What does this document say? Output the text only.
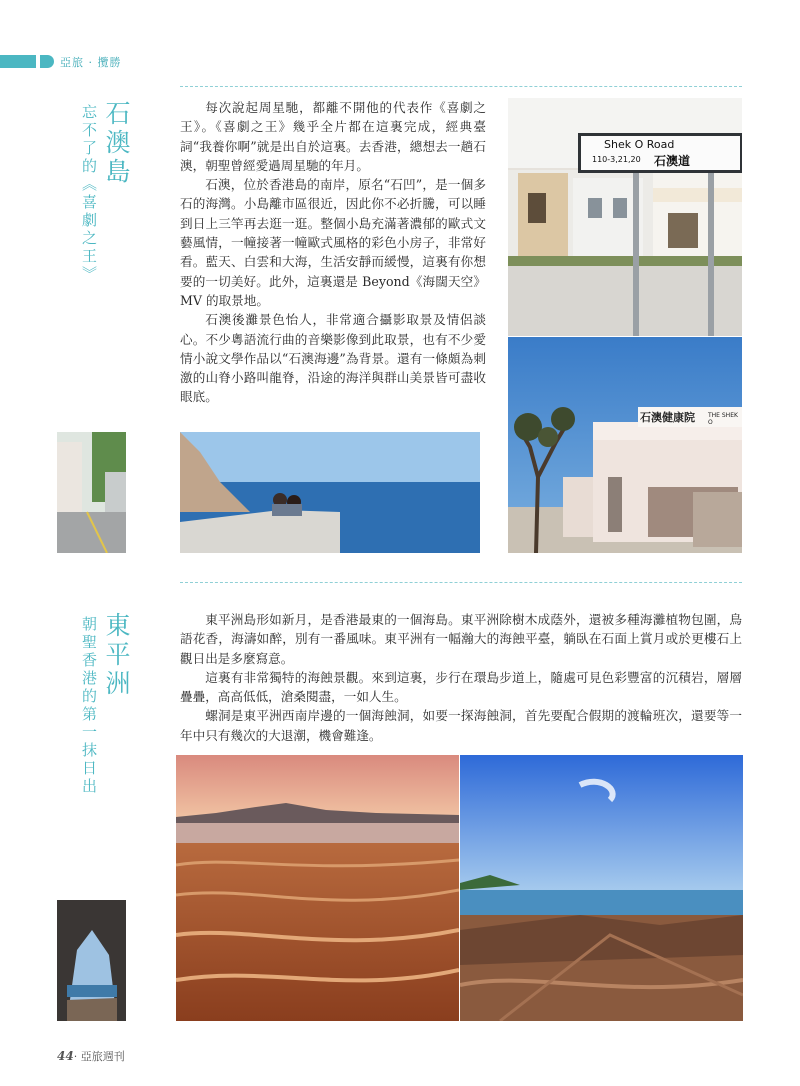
亞旅 · 攬勝
石澳島
忘不了的《喜劇之王》	每次說起周星馳，都離不開他的代表作《喜劇之王》。《喜劇之王》幾乎全片都在這裏完成，經典臺詞“我養你啊”就是出自於這裏。去香港，總想去一趟石澳，朝聖曾經愛過周星馳的年月。

石澳，位於香港島的南岸，原名“石凹”，是一個多石的海灣。小島離市區很近，因此你不必折騰，可以睡到日上三竿再去逛一逛。整個小島充滿著濃郁的歐式文藝風情，一幢接著一幢歐式風格的彩色小房子，非常好看。藍天、白雲和大海，生活安靜而緩慢，這裏有你想要的一切美好。此外，這裏還是 Beyond《海闊天空》MV 的取景地。

石澳後灘景色怡人，非常適合攝影取景及情侶談心。不少粵語流行曲的音樂影像到此取景，也有不少愛情小說文學作品以“石澳海邊”為背景。還有一條頗為刺激的山脊小路叫龍脊，沿途的海洋與群山美景皆可盡收眼底。

Shek O Road
110-3,21,20 石澳道
石澳健康院 THE SHEK O
東平洲
朝聖香港的第一抹日出	東平洲島形如新月，是香港最東的一個海島。東平洲除樹木成蔭外，還被多種海灘植物包圍，鳥語花香，海濤如醉，別有一番風味。東平洲有一幅瀚大的海蝕平臺，躺臥在石面上賞月或於更樓石上觀日出是多麼寫意。

這裏有非常獨特的海蝕景觀。來到這裏，步行在環島步道上，隨處可見色彩豐富的沉積岩，層層疊疊，高高低低，滄桑閱盡，一如人生。

螺洞是東平洲西南岸邊的一個海蝕洞，如要一探海蝕洞，首先要配合假期的渡輪班次，還要等一年中只有幾次的大退潮，機會難逢。

44· 亞旅週刊
